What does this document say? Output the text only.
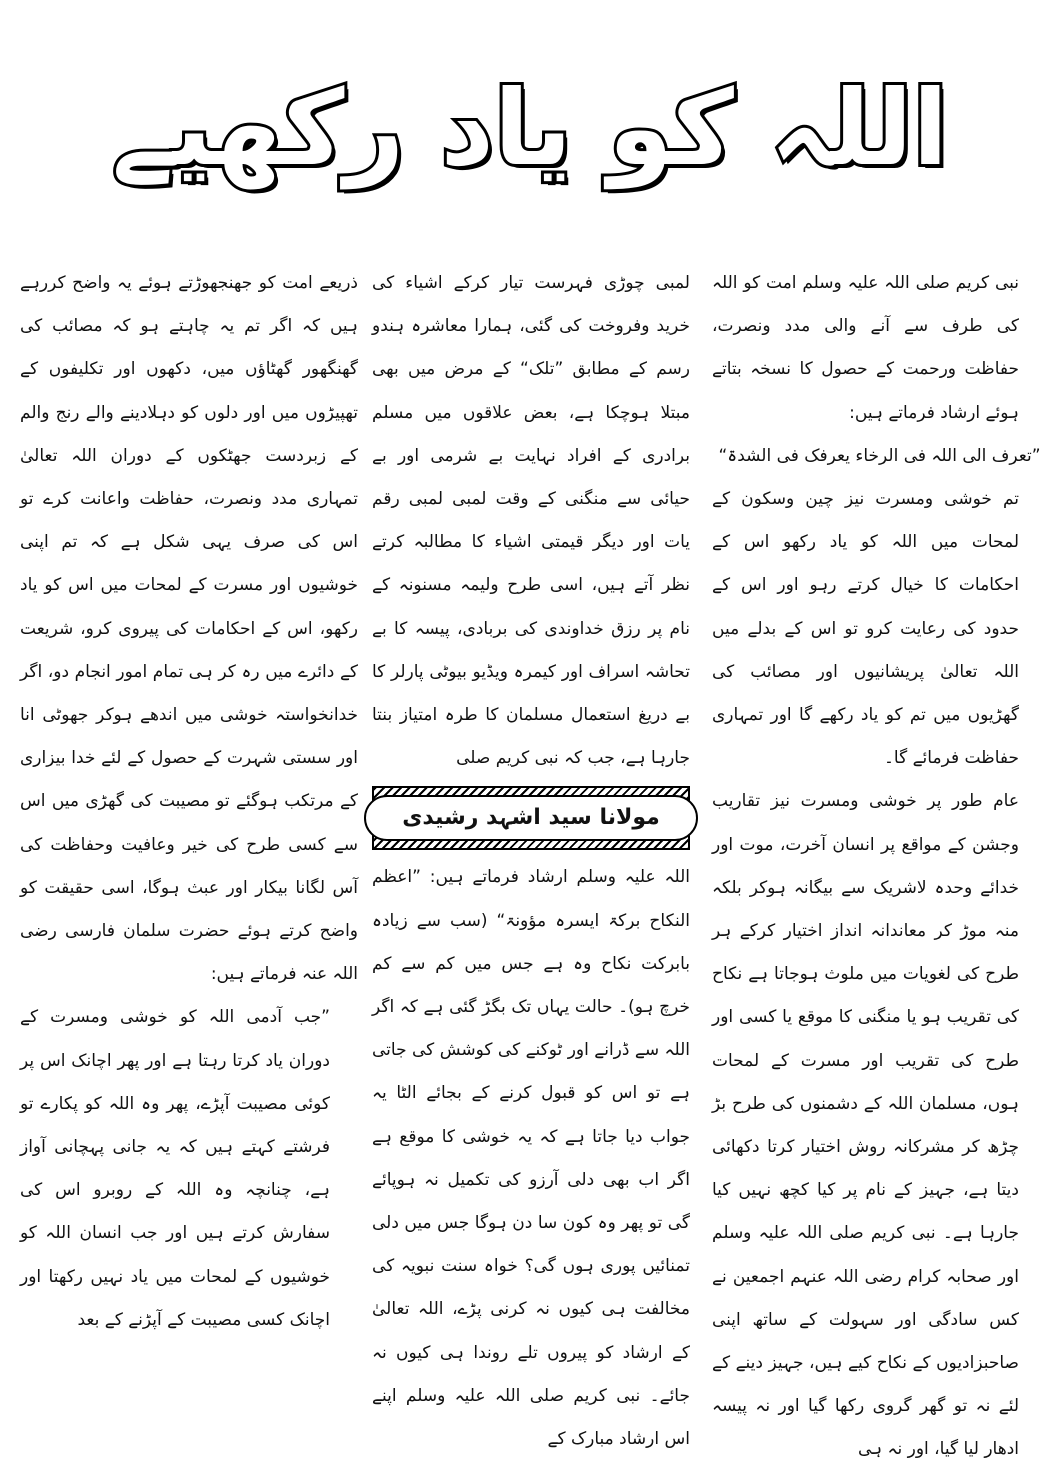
اللہ کو یاد رکھیے

نبی کریم صلی اللہ علیہ وسلم امت کو اللہ کی طرف سے آنے والی مدد ونصرت، حفاظت ورحمت کے حصول کا نسخہ بتاتے ہوئے ارشاد فرماتے ہیں:

”تعرف الی اللہ فی الرخاء یعرفک فی الشدۃ“

تم خوشی ومسرت نیز چین وسکون کے لمحات میں اللہ کو یاد رکھو اس کے احکامات کا خیال کرتے رہو اور اس کے حدود کی رعایت کرو تو اس کے بدلے میں اللہ تعالیٰ پریشانیوں اور مصائب کی گھڑیوں میں تم کو یاد رکھے گا اور تمہاری حفاظت فرمائے گا۔

عام طور پر خوشی ومسرت نیز تقاریب وجشن کے مواقع پر انسان آخرت، موت اور خدائے وحدہ لاشریک سے بیگانہ ہوکر بلکہ منہ موڑ کر معاندانہ انداز اختیار کرکے ہر طرح کی لغویات میں ملوث ہوجاتا ہے نکاح کی تقریب ہو یا منگنی کا موقع یا کسی اور طرح کی تقریب اور مسرت کے لمحات ہوں، مسلمان اللہ کے دشمنوں کی طرح بڑ چڑھ کر مشرکانہ روش اختیار کرتا دکھائی دیتا ہے، جہیز کے نام پر کیا کچھ نہیں کیا جارہا ہے۔ نبی کریم صلی اللہ علیہ وسلم اور صحابہ کرام رضی اللہ عنہم اجمعین نے کس سادگی اور سہولت کے ساتھ اپنی صاحبزادیوں کے نکاح کیے ہیں، جہیز دینے کے لئے نہ تو گھر گروی رکھا گیا اور نہ پیسہ ادھار لیا گیا، اور نہ ہی

لمبی چوڑی فہرست تیار کرکے اشیاء کی خرید وفروخت کی گئی، ہمارا معاشرہ ہندو رسم کے مطابق ”تلک“ کے مرض میں بھی مبتلا ہوچکا ہے، بعض علاقوں میں مسلم برادری کے افراد نہایت بے شرمی اور بے حیائی سے منگنی کے وقت لمبی لمبی رقم یات اور دیگر قیمتی اشیاء کا مطالبہ کرتے نظر آتے ہیں، اسی طرح ولیمہ مسنونہ کے نام پر رزق خداوندی کی بربادی، پیسہ کا بے تحاشہ اسراف اور کیمرہ ویڈیو بیوٹی پارلر کا بے دریغ استعمال مسلمان کا طرہ امتیاز بنتا جارہا ہے، جب کہ نبی کریم صلی

مولانا سید اشہد رشیدی

اللہ علیہ وسلم ارشاد فرماتے ہیں: ”اعظم النکاح برکۃ ایسرہ مؤونۃ“ (سب سے زیادہ بابرکت نکاح وہ ہے جس میں کم سے کم خرچ ہو)۔ حالت یہاں تک بگڑ گئی ہے کہ اگر اللہ سے ڈرانے اور ٹوکنے کی کوشش کی جاتی ہے تو اس کو قبول کرنے کے بجائے الٹا یہ جواب دیا جاتا ہے کہ یہ خوشی کا موقع ہے اگر اب بھی دلی آرزو کی تکمیل نہ ہوپائے گی تو پھر وہ کون سا دن ہوگا جس میں دلی تمنائیں پوری ہوں گی؟ خواہ سنت نبویہ کی مخالفت ہی کیوں نہ کرنی پڑے، اللہ تعالیٰ کے ارشاد کو پیروں تلے روندا ہی کیوں نہ جائے۔ نبی کریم صلی اللہ علیہ وسلم اپنے اس ارشاد مبارک کے

ذریعے امت کو جھنجھوڑتے ہوئے یہ واضح کررہے ہیں کہ اگر تم یہ چاہتے ہو کہ مصائب کی گھنگھور گھٹاؤں میں، دکھوں اور تکلیفوں کے تھپیڑوں میں اور دلوں کو دہلادینے والے رنج والم کے زبردست جھٹکوں کے دوران اللہ تعالیٰ تمہاری مدد ونصرت، حفاظت واعانت کرے تو اس کی صرف یہی شکل ہے کہ تم اپنی خوشیوں اور مسرت کے لمحات میں اس کو یاد رکھو، اس کے احکامات کی پیروی کرو، شریعت کے دائرے میں رہ کر ہی تمام امور انجام دو، اگر خدانخواستہ خوشی میں اندھے ہوکر جھوٹی انا اور سستی شہرت کے حصول کے لئے خدا بیزاری کے مرتکب ہوگئے تو مصیبت کی گھڑی میں اس سے کسی طرح کی خیر وعافیت وحفاظت کی آس لگانا بیکار اور عبث ہوگا، اسی حقیقت کو واضح کرتے ہوئے حضرت سلمان فارسی رضی اللہ عنہ فرماتے ہیں:

”جب آدمی اللہ کو خوشی ومسرت کے دوران یاد کرتا رہتا ہے اور پھر اچانک اس پر کوئی مصیبت آپڑے، پھر وہ اللہ کو پکارے تو فرشتے کہتے ہیں کہ یہ جانی پہچانی آواز ہے، چنانچہ وہ اللہ کے روبرو اس کی سفارش کرتے ہیں اور جب انسان اللہ کو خوشیوں کے لمحات میں یاد نہیں رکھتا اور اچانک کسی مصیبت کے آپڑنے کے بعد
